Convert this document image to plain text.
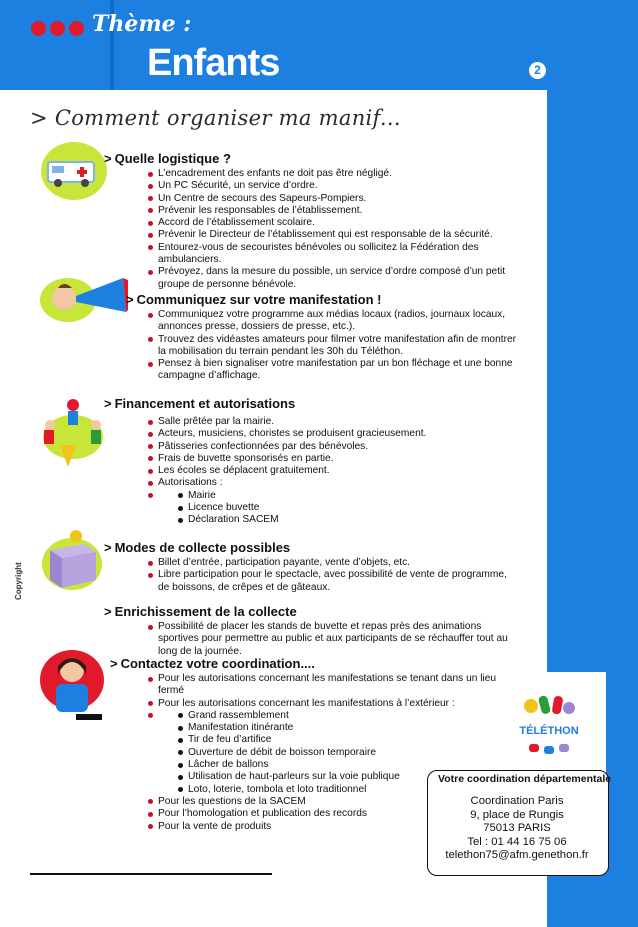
Thème :
Enfants	2
> Comment organiser ma manif...
Copyright
> Quelle logistique ?
L’encadrement des enfants ne doit pas être négligé.
Un PC Sécurité, un service d’ordre.
Un Centre de secours des Sapeurs-Pompiers.
Prévenir les responsables de l’établissement.
Accord de l’établissement scolaire.
Prévenir le Directeur de l’établissement qui est responsable de la sécurité.
Entourez-vous de secouristes bénévoles ou sollicitez la Fédération des ambulanciers.
Prévoyez, dans la mesure du possible, un service d’ordre composé d’un petit groupe de personne bénévole.
> Communiquez sur votre manifestation !
Communiquez votre programme aux médias locaux (radios, journaux locaux, annonces presse, dossiers de presse, etc.).
Trouvez des vidéastes amateurs pour filmer votre manifestation afin de montrer la mobilisation du terrain pendant les 30h du Téléthon.
Pensez à bien signaliser votre manifestation par un bon fléchage et une bonne campagne d’affichage.
> Financement et autorisations
Salle prêtée par la mairie.
Acteurs, musiciens, choristes se produisent gracieusement.
Pâtisseries confectionnées par des bénévoles.
Frais de buvette sponsorisés en partie.
Les écoles se déplacent gratuitement.
Autorisations :
Mairie
Licence buvette
Déclaration SACEM
> Modes de collecte possibles
Billet d’entrée, participation payante, vente d’objets, etc.
Libre participation pour le spectacle, avec possibilité de vente de programme, de boissons, de crêpes et de gâteaux.
> Enrichissement de la collecte
Possibilité de placer les stands de buvette et repas près des animations sportives pour permettre au public et aux participants de se réchauffer tout au long de la journée.
> Contactez votre coordination....
Pour les autorisations concernant les manifestations se tenant dans un lieu fermé
Pour les autorisations concernant les manifestations à l’extérieur :
Grand rassemblement
Manifestation itinérante
Tir de feu d’artifice
Ouverture de débit de boisson temporaire
Lâcher de ballons
Utilisation de haut-parleurs sur la voie publique
Loto, loterie, tombola et loto traditionnel
Pour les questions de la SACEM
Pour l’homologation et publication des records
Pour la vente de produits
TÉLÉTHON
Votre coordination départementale
Coordination Paris
9, place de Rungis
75013 PARIS
Tel : 01 44 16 75 06
telethon75@afm.genethon.fr
